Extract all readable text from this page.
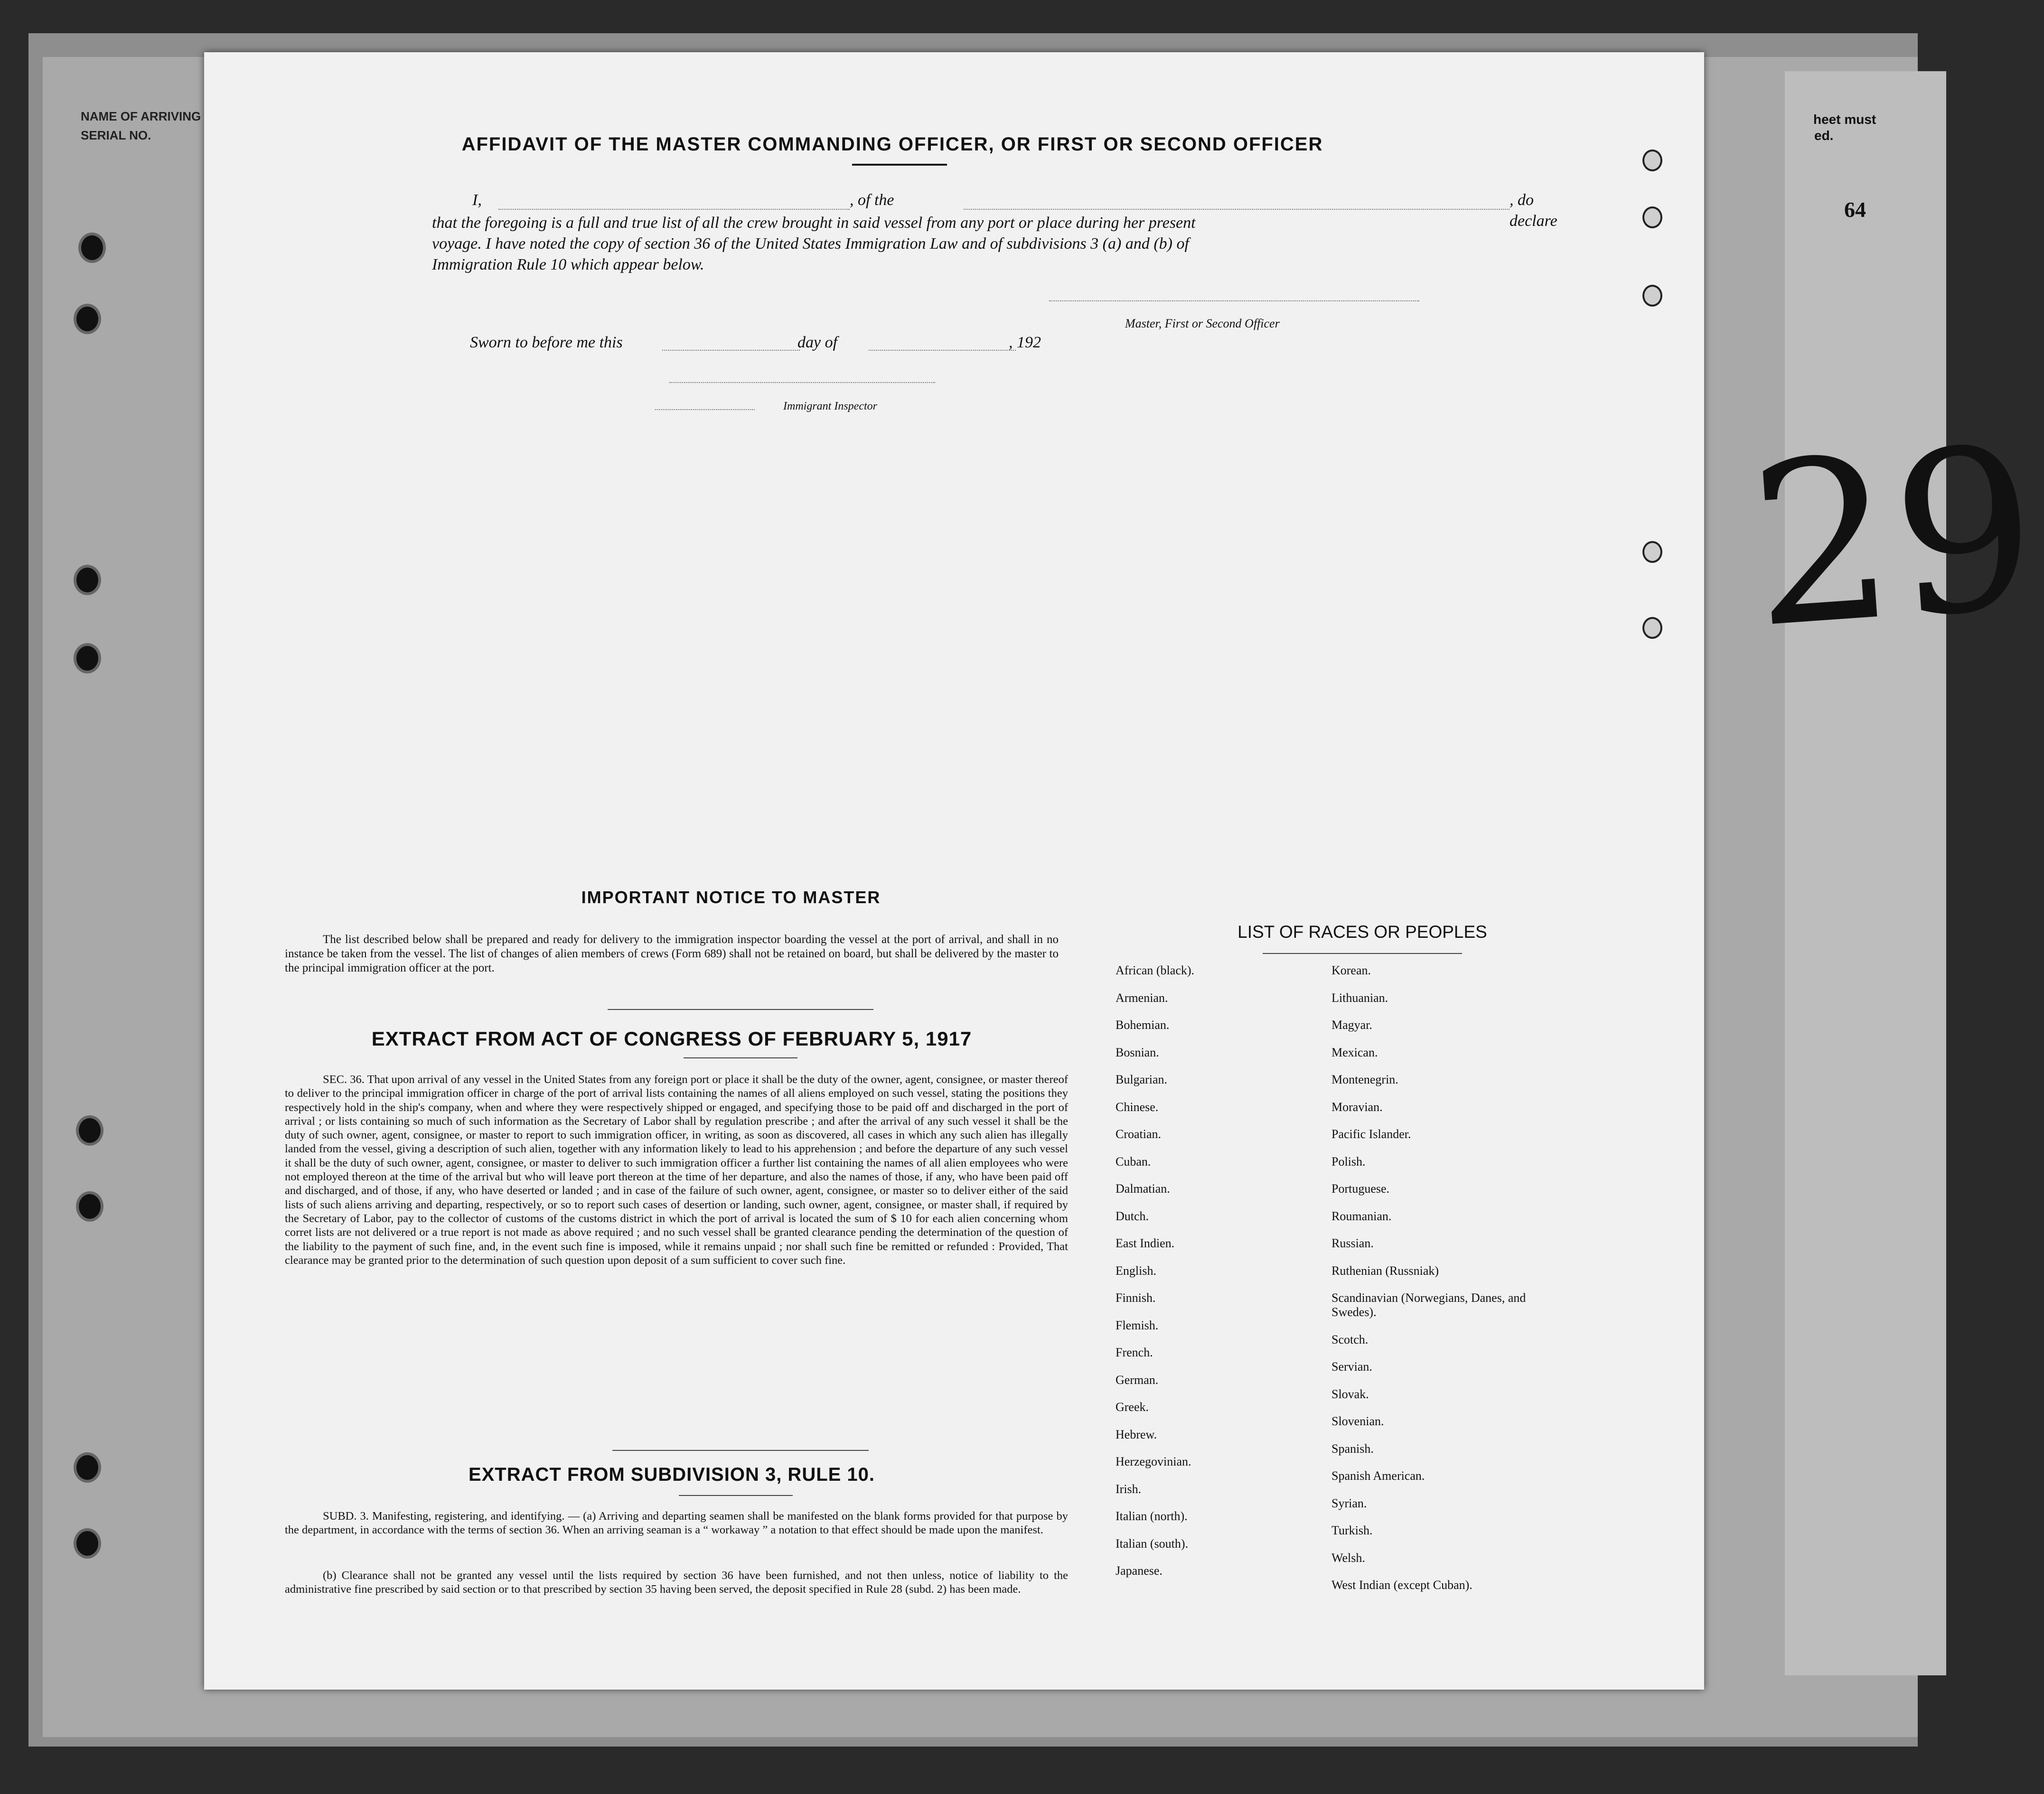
heet must
ed.
64
29
NAME OF ARRIVING
SERIAL NO.	AFFIDAVIT OF THE MASTER COMMANDING OFFICER, OR FIRST OR SECOND OFFICER
I,	, of the	, do declare
that the foregoing is a full and true list of all the crew brought in said vessel from any port or place during her present
voyage. I have noted the copy of section 36 of the United States Immigration Law and of subdivisions 3 (a) and (b) of
Immigration Rule 10 which appear below.
Master, First or Second Officer
Sworn to before me this	day of	, 192
Immigrant Inspector
IMPORTANT NOTICE TO MASTER
The list described below shall be prepared and ready for delivery to the immigration inspector boarding the vessel at the port of arrival, and shall in no instance be taken from the vessel. The list of changes of alien members of crews (Form 689) shall not be retained on board, but shall be delivered by the master to the principal immigration officer at the port.
EXTRACT FROM ACT OF CONGRESS OF FEBRUARY 5, 1917
SEC. 36. That upon arrival of any vessel in the United States from any foreign port or place it shall be the duty of the owner, agent, consignee, or master thereof to deliver to the principal immigration officer in charge of the port of arrival lists containing the names of all aliens employed on such vessel, stating the positions they respectively hold in the ship's company, when and where they were respectively shipped or engaged, and specifying those to be paid off and discharged in the port of arrival ; or lists containing so much of such information as the Secretary of Labor shall by regulation prescribe ; and after the arrival of any such vessel it shall be the duty of such owner, agent, consignee, or master to report to such immigration officer, in writing, as soon as discovered, all cases in which any such alien has illegally landed from the vessel, giving a description of such alien, together with any information likely to lead to his apprehension ; and before the departure of any such vessel it shall be the duty of such owner, agent, consignee, or master to deliver to such immigration officer a further list containing the names of all alien employees who were not employed thereon at the time of the arrival but who will leave port thereon at the time of her departure, and also the names of those, if any, who have been paid off and discharged, and of those, if any, who have deserted or landed ; and in case of the failure of such owner, agent, consignee, or master so to deliver either of the said lists of such aliens arriving and departing, respectively, or so to report such cases of desertion or landing, such owner, agent, consignee, or master shall, if required by the Secretary of Labor, pay to the collector of customs of the customs district in which the port of arrival is located the sum of $ 10 for each alien concerning whom corret lists are not delivered or a true report is not made as above required ; and no such vessel shall be granted clearance pending the determination of the question of the liability to the payment of such fine, and, in the event such fine is imposed, while it remains unpaid ; nor shall such fine be remitted or refunded : Provided, That clearance may be granted prior to the determination of such question upon deposit of a sum sufficient to cover such fine.
EXTRACT FROM SUBDIVISION 3, RULE 10.
SUBD. 3. Manifesting, registering, and identifying. — (a) Arriving and departing seamen shall be manifested on the blank forms provided for that purpose by the department, in accordance with the terms of section 36. When an arriving seaman is a “ workaway ” a notation to that effect should be made upon the manifest.
(b) Clearance shall not be granted any vessel until the lists required by section 36 have been furnished, and not then unless, notice of liability to the administrative fine prescribed by said section or to that prescribed by section 35 having been served, the deposit specified in Rule 28 (subd. 2) has been made.
LIST OF RACES OR PEOPLES
African (black).
Armenian.
Bohemian.
Bosnian.
Bulgarian.
Chinese.
Croatian.
Cuban.
Dalmatian.
Dutch.
East Indien.
English.
Finnish.
Flemish.
French.
German.
Greek.
Hebrew.
Herzegovinian.
Irish.
Italian (north).
Italian (south).
Japanese.
Korean.
Lithuanian.
Magyar.
Mexican.
Montenegrin.
Moravian.
Pacific Islander.
Polish.
Portuguese.
Roumanian.
Russian.
Ruthenian (Russniak)
Scandinavian (Norwegians, Danes, and Swedes).
Scotch.
Servian.
Slovak.
Slovenian.
Spanish.
Spanish American.
Syrian.
Turkish.
Welsh.
West Indian (except Cuban).
